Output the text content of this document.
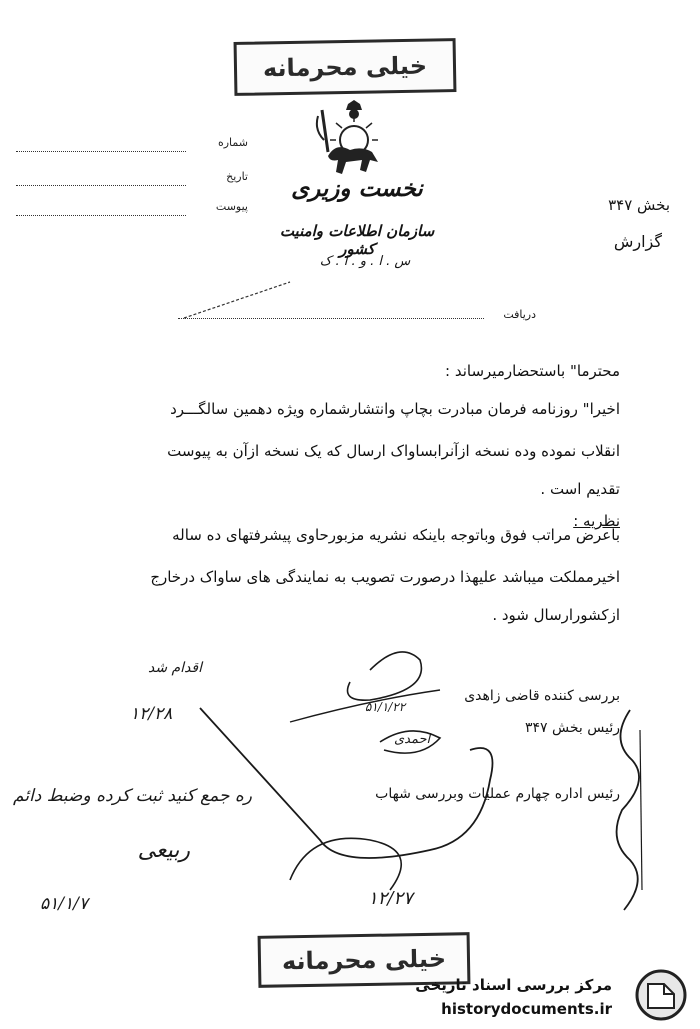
خیلی محرمانه
شماره
تاریخ
پیوست
نخست وزیری
سازمان اطلاعات وامنیت کشور
س . ا . و . ا . ک
بخش ۳۴۷
گزارش
دریافت
محترما" باستحضارمیرساند :
اخیرا" روزنامه فرمان مبادرت بچاپ وانتشارشماره ویژه دهمین سالگـــرد
انقلاب نموده وده نسخه ازآنرابساواک ارسال که یک نسخه ازآن به پیوست
تقدیم است .
نظریه :
باعرض مراتب فوق وباتوجه باینکه نشریه مزبورحاوی پیشرفتهای ده ساله
اخیرمملکت میباشد علیهذا درصورت تصویب به نمایندگی های ساواک درخارج
ازکشورارسال شود .
بررسی کننده قاضی زاهدی
۵۱/۱/۲۲
رئیس بخش ۳۴۷
رئیس اداره چهارم عملیات وبررسی شهاب
اقدام شد
۱۲/۲۸
احمدی
۱۲/۲۷
ره جمع کنید ثبت کرده وضبط دائم
ربیعی
۵۱/۱/۷
خیلی محرمانه
مرکز بررسی اسناد تاریخی
historydocuments.ir
